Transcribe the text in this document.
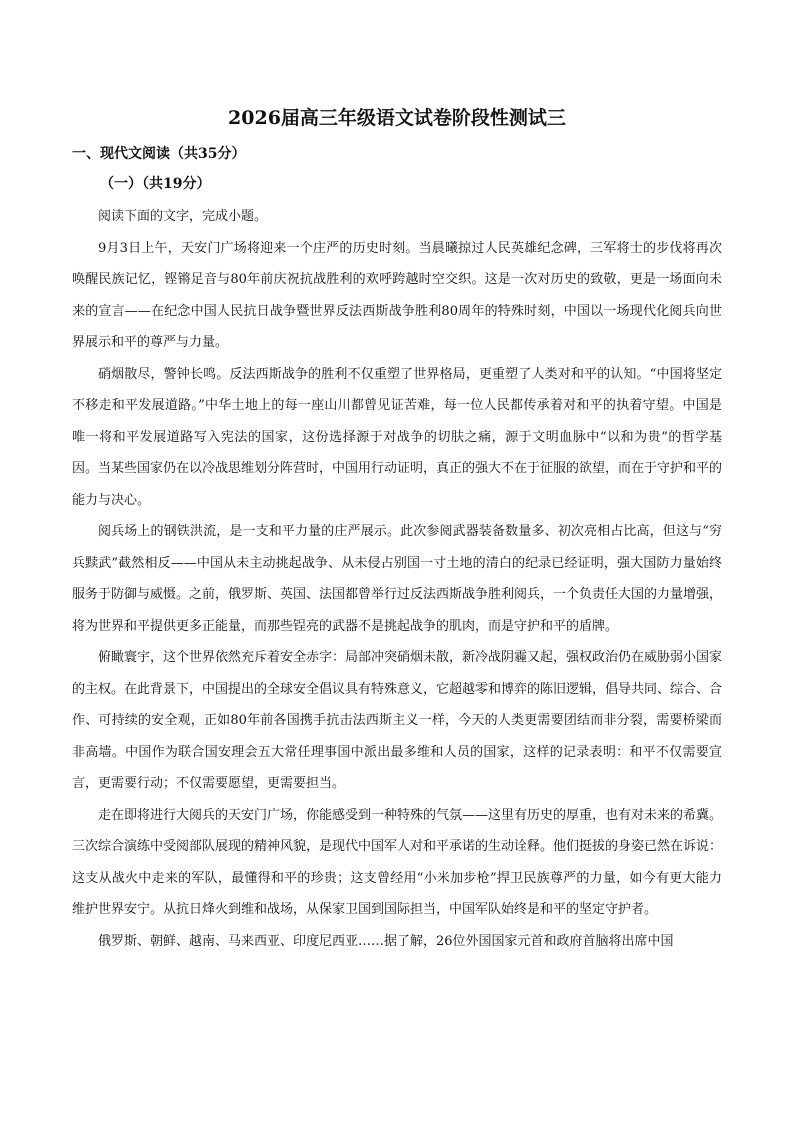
2026届高三年级语文试卷阶段性测试三
一、现代文阅读（共35分）
（一）（共19分）

阅读下面的文字，完成小题。

9月3日上午，天安门广场将迎来一个庄严的历史时刻。当晨曦掠过人民英雄纪念碑，三军将士的步伐将再次唤醒民族记忆，铿锵足音与80年前庆祝抗战胜利的欢呼跨越时空交织。这是一次对历史的致敬，更是一场面向未来的宣言——在纪念中国人民抗日战争暨世界反法西斯战争胜利80周年的特殊时刻，中国以一场现代化阅兵向世界展示和平的尊严与力量。

硝烟散尽，警钟长鸣。反法西斯战争的胜利不仅重塑了世界格局，更重塑了人类对和平的认知。“中国将坚定不移走和平发展道路。”中华土地上的每一座山川都曾见证苦难，每一位人民都传承着对和平的执着守望。中国是唯一将和平发展道路写入宪法的国家，这份选择源于对战争的切肤之痛，源于文明血脉中“以和为贵”的哲学基因。当某些国家仍在以冷战思维划分阵营时，中国用行动证明，真正的强大不在于征服的欲望，而在于守护和平的能力与决心。

阅兵场上的钢铁洪流，是一支和平力量的庄严展示。此次参阅武器装备数量多、初次亮相占比高，但这与“穷兵黩武”截然相反——中国从未主动挑起战争、从未侵占别国一寸土地的清白的纪录已经证明，强大国防力量始终服务于防御与威慑。之前，俄罗斯、英国、法国都曾举行过反法西斯战争胜利阅兵，一个负责任大国的力量增强，将为世界和平提供更多正能量，而那些锃亮的武器不是挑起战争的肌肉，而是守护和平的盾牌。

俯瞰寰宇，这个世界依然充斥着安全赤字：局部冲突硝烟未散，新冷战阴霾又起，强权政治仍在威胁弱小国家的主权。在此背景下，中国提出的全球安全倡议具有特殊意义，它超越零和博弈的陈旧逻辑，倡导共同、综合、合作、可持续的安全观，正如80年前各国携手抗击法西斯主义一样，今天的人类更需要团结而非分裂，需要桥梁而非高墙。中国作为联合国安理会五大常任理事国中派出最多维和人员的国家，这样的记录表明：和平不仅需要宣言，更需要行动；不仅需要愿望，更需要担当。

走在即将进行大阅兵的天安门广场，你能感受到一种特殊的气氛——这里有历史的厚重，也有对未来的希冀。三次综合演练中受阅部队展现的精神风貌，是现代中国军人对和平承诺的生动诠释。他们挺拔的身姿已然在诉说：这支从战火中走来的军队，最懂得和平的珍贵；这支曾经用“小米加步枪”捍卫民族尊严的力量，如今有更大能力维护世界安宁。从抗日烽火到维和战场，从保家卫国到国际担当，中国军队始终是和平的坚定守护者。

俄罗斯、朝鲜、越南、马来西亚、印度尼西亚……据了解，26位外国国家元首和政府首脑将出席中国
